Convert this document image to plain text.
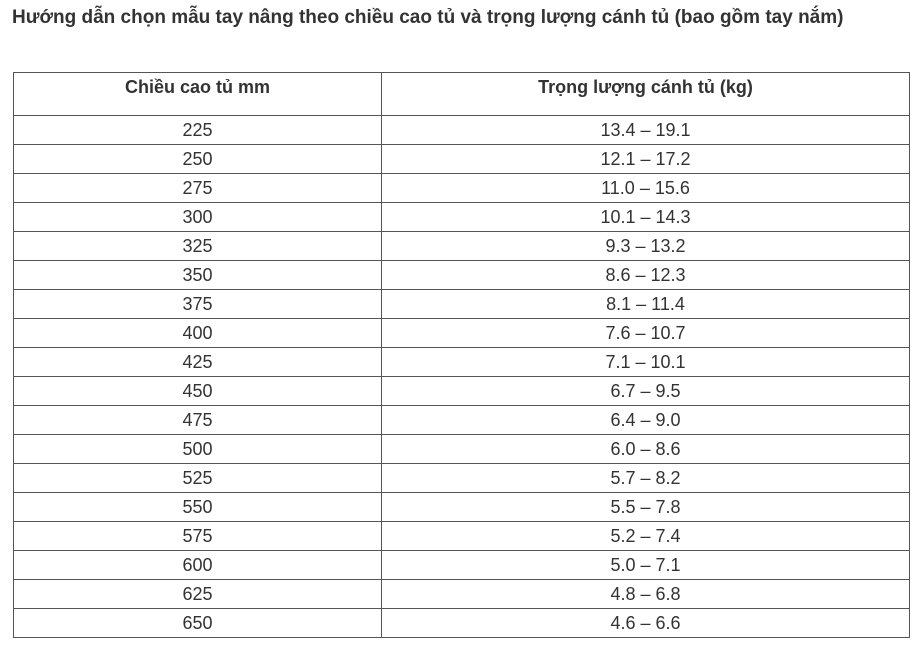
Hướng dẫn chọn mẫu tay nâng theo chiều cao tủ và trọng lượng cánh tủ (bao gồm tay nắm)
Chiều cao tủ mm	Trọng lượng cánh tủ (kg)
225	13.4 – 19.1
250	12.1 – 17.2
275	11.0 – 15.6
300	10.1 – 14.3
325	9.3 – 13.2
350	8.6 – 12.3
375	8.1 – 11.4
400	7.6 – 10.7
425	7.1 – 10.1
450	6.7 – 9.5
475	6.4 – 9.0
500	6.0 – 8.6
525	5.7 – 8.2
550	5.5 – 7.8
575	5.2 – 7.4
600	5.0 – 7.1
625	4.8 – 6.8
650	4.6 – 6.6
